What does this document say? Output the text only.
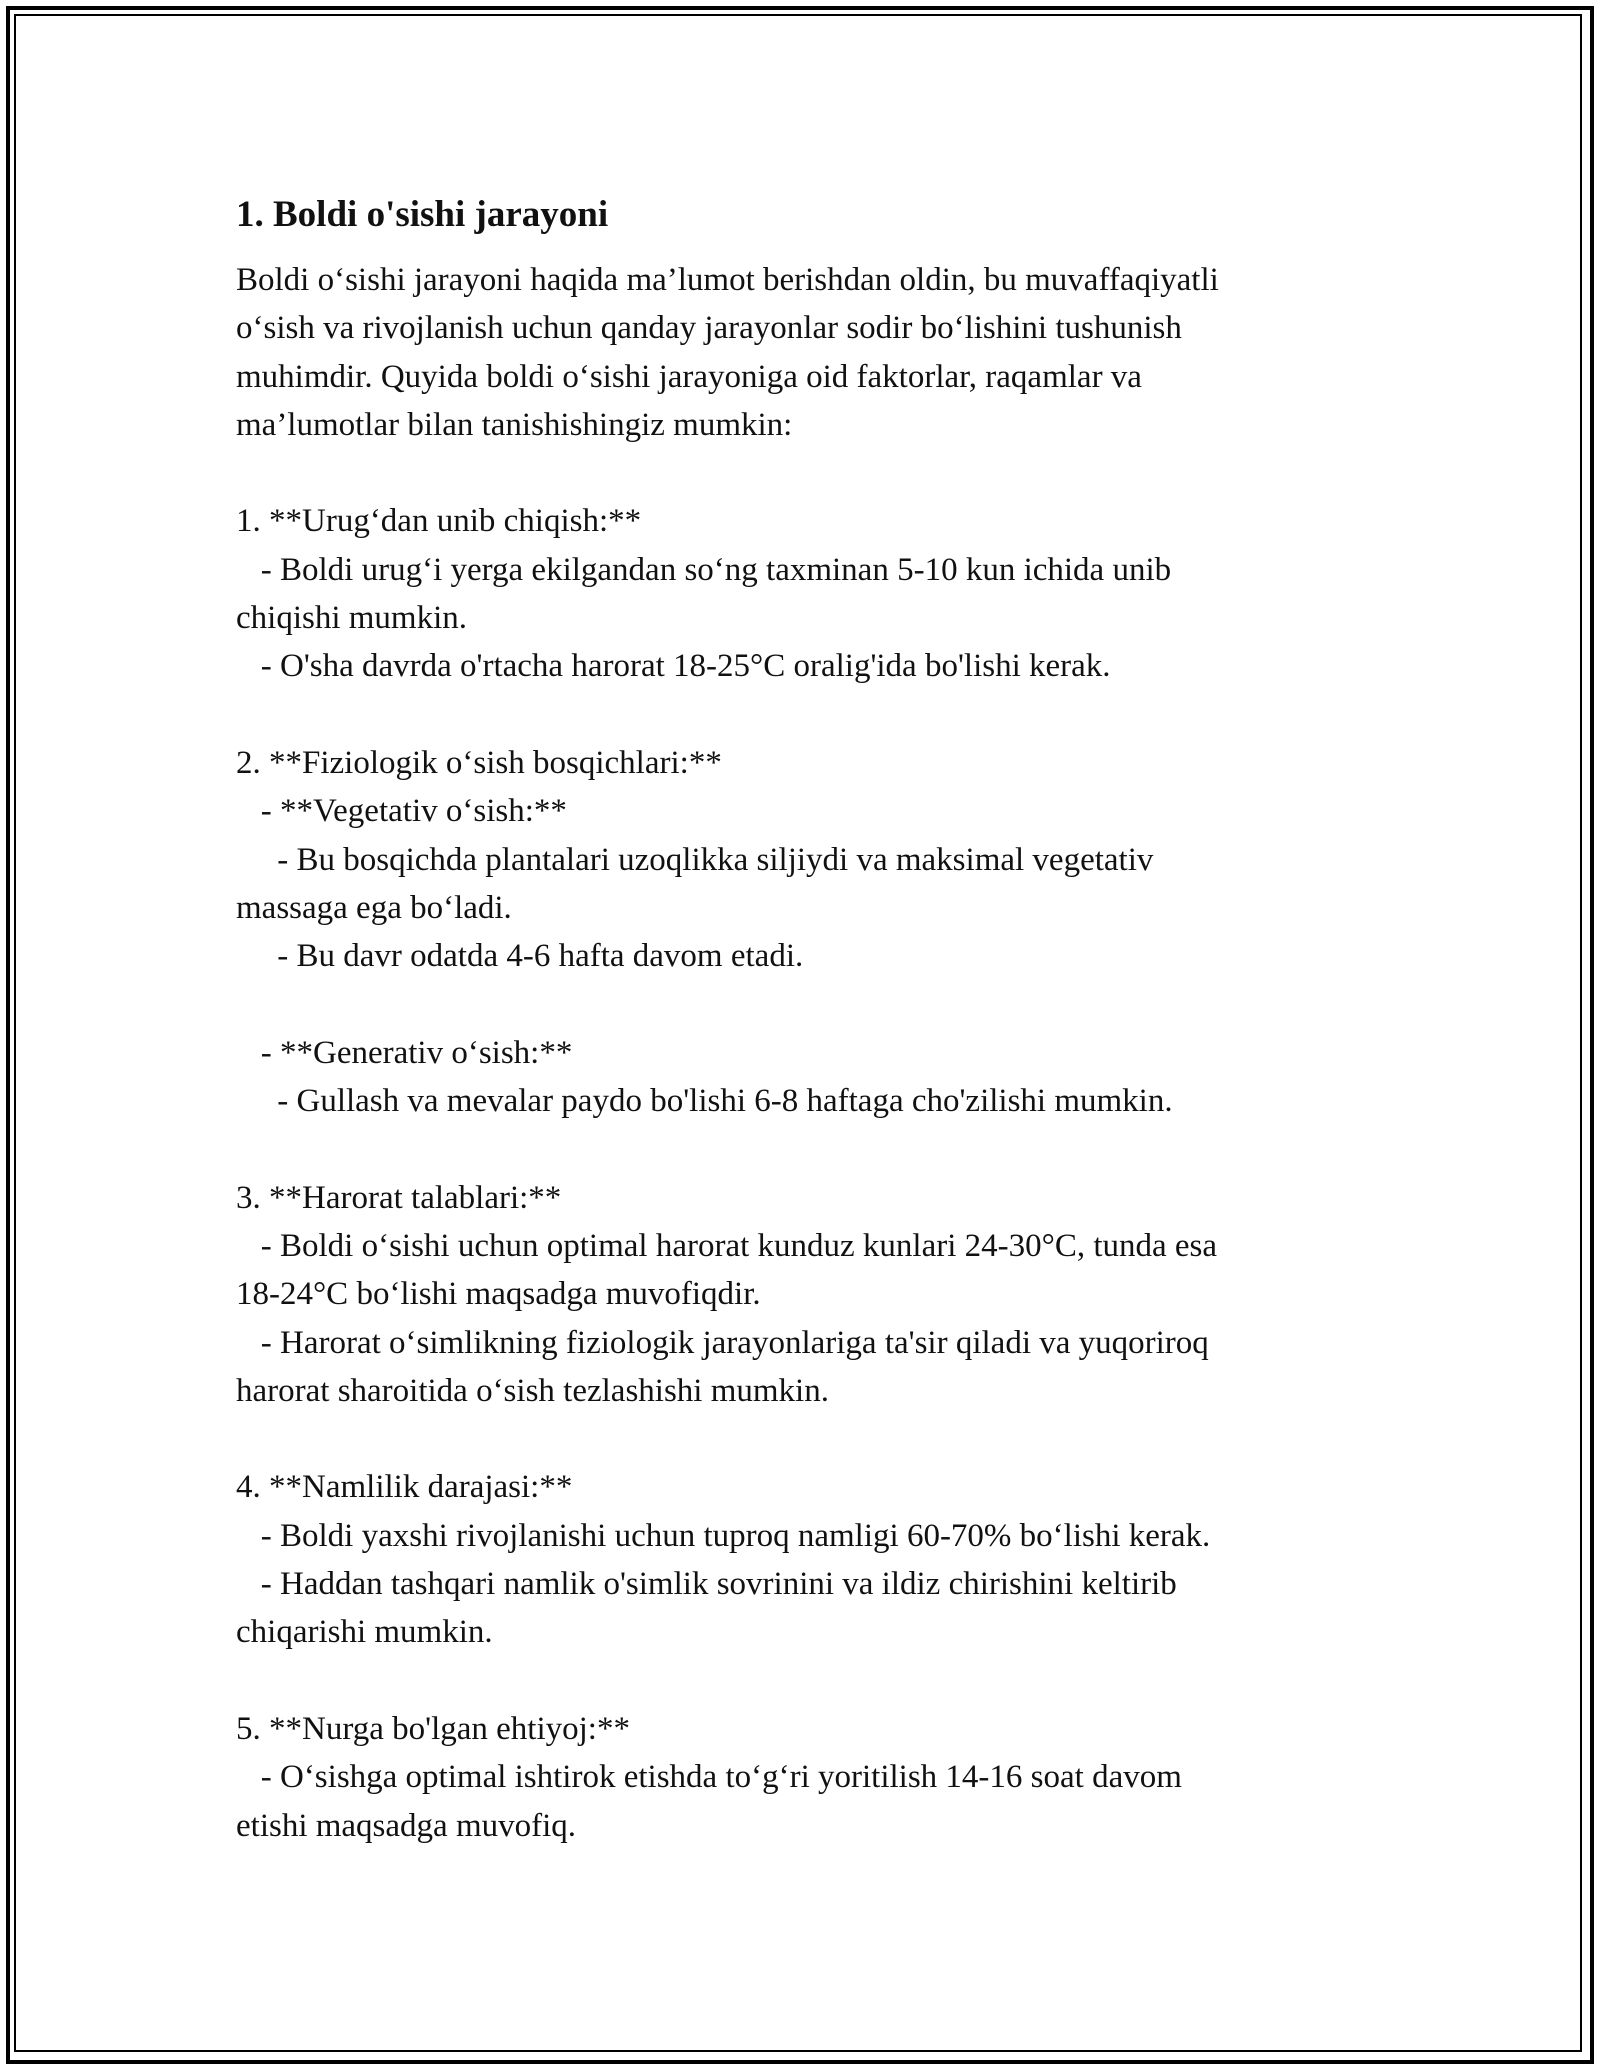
1. Boldi o'sishi jarayoni

Boldi o‘sishi jarayoni haqida ma’lumot berishdan oldin, bu muvaffaqiyatli

o‘sish va rivojlanish uchun qanday jarayonlar sodir bo‘lishini tushunish

muhimdir. Quyida boldi o‘sishi jarayoniga oid faktorlar, raqamlar va

ma’lumotlar bilan tanishishingiz mumkin:

1. **Urug‘dan unib chiqish:**

- Boldi urug‘i yerga ekilgandan so‘ng taxminan 5-10 kun ichida unib

chiqishi mumkin.

- O'sha davrda o'rtacha harorat 18-25°C oralig'ida bo'lishi kerak.

2. **Fiziologik o‘sish bosqichlari:**

- **Vegetativ o‘sish:**

- Bu bosqichda plantalari uzoqlikka siljiydi va maksimal vegetativ

massaga ega bo‘ladi.

- Bu davr odatda 4-6 hafta davom etadi.

- **Generativ o‘sish:**

- Gullash va mevalar paydo bo'lishi 6-8 haftaga cho'zilishi mumkin.

3. **Harorat talablari:**

- Boldi o‘sishi uchun optimal harorat kunduz kunlari 24-30°C, tunda esa

18-24°C bo‘lishi maqsadga muvofiqdir.

- Harorat o‘simlikning fiziologik jarayonlariga ta'sir qiladi va yuqoriroq

harorat sharoitida o‘sish tezlashishi mumkin.

4. **Namlilik darajasi:**

- Boldi yaxshi rivojlanishi uchun tuproq namligi 60-70% bo‘lishi kerak.

- Haddan tashqari namlik o'simlik sovrinini va ildiz chirishini keltirib

chiqarishi mumkin.

5. **Nurga bo'lgan ehtiyoj:**

- O‘sishga optimal ishtirok etishda to‘g‘ri yoritilish 14-16 soat davom

etishi maqsadga muvofiq.
